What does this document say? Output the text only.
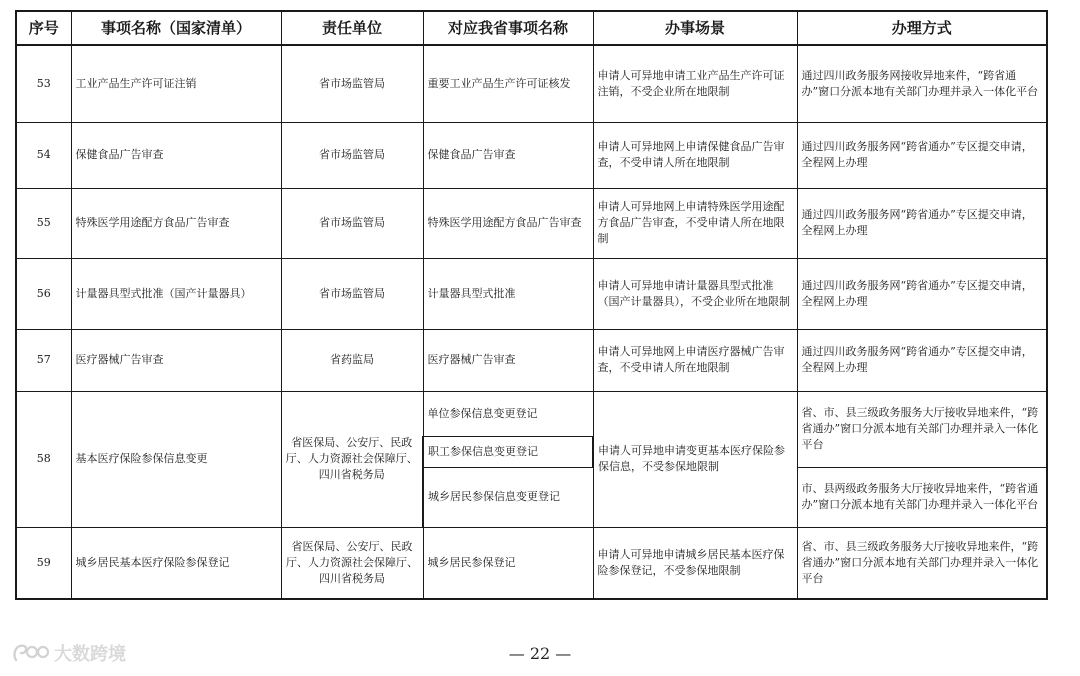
序号	事项名称（国家清单）	责任单位	对应我省事项名称	办事场景	办理方式
53	工业产品生产许可证注销	省市场监管局	重要工业产品生产许可证核发	申请人可异地申请工业产品生产许可证注销，不受企业所在地限制	通过四川政务服务网接收异地来件，“跨省通办”窗口分派本地有关部门办理并录入一体化平台
54	保健食品广告审查	省市场监管局	保健食品广告审查	申请人可异地网上申请保健食品广告审查，不受申请人所在地限制	通过四川政务服务网“跨省通办”专区提交申请，全程网上办理
55	特殊医学用途配方食品广告审查	省市场监管局	特殊医学用途配方食品广告审查	申请人可异地网上申请特殊医学用途配方食品广告审查，不受申请人所在地限制	通过四川政务服务网“跨省通办”专区提交申请，全程网上办理
56	计量器具型式批准（国产计量器具）	省市场监管局	计量器具型式批准	申请人可异地申请计量器具型式批准（国产计量器具），不受企业所在地限制	通过四川政务服务网“跨省通办”专区提交申请，全程网上办理
57	医疗器械广告审查	省药监局	医疗器械广告审查	申请人可异地网上申请医疗器械广告审查，不受申请人所在地限制	通过四川政务服务网“跨省通办”专区提交申请，全程网上办理
58	基本医疗保险参保信息变更	省医保局、公安厅、民政厅、人力资源社会保障厅、四川省税务局	单位参保信息变更登记	申请人可异地申请变更基本医疗保险参保信息，不受参保地限制	省、市、县三级政务服务大厅接收异地来件，“跨省通办”窗口分派本地有关部门办理并录入一体化平台
			职工参保信息变更登记		
			城乡居民参保信息变更登记		市、县两级政务服务大厅接收异地来件，“跨省通办”窗口分派本地有关部门办理并录入一体化平台
59	城乡居民基本医疗保险参保登记	省医保局、公安厅、民政厅、人力资源社会保障厅、四川省税务局	城乡居民参保登记	申请人可异地申请城乡居民基本医疗保险参保登记，不受参保地限制	省、市、县三级政务服务大厅接收异地来件，“跨省通办”窗口分派本地有关部门办理并录入一体化平台
大数跨境	— 22 —
